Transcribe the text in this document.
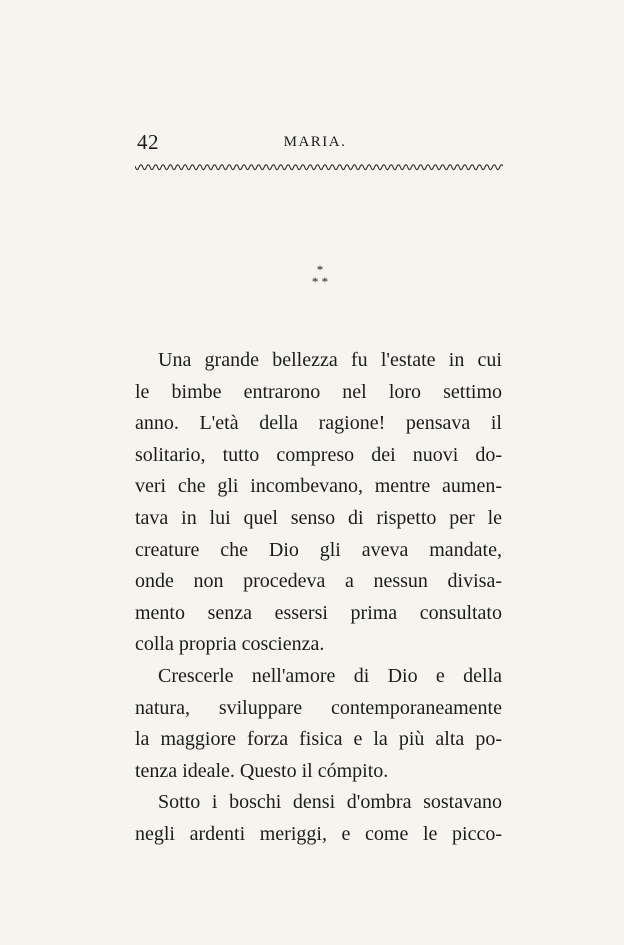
42	MARIA.
*
* *
Una grande bellezza fu l'estate in cui
le bimbe entrarono nel loro settimo
anno. L'età della ragione! pensava il
solitario, tutto compreso dei nuovi do-
veri che gli incombevano, mentre aumen-
tava in lui quel senso di rispetto per le
creature che Dio gli aveva mandate,
onde non procedeva a nessun divisa-
mento senza essersi prima consultato
colla propria coscienza.
Crescerle nell'amore di Dio e della
natura, sviluppare contemporaneamente
la maggiore forza fisica e la più alta po-
tenza ideale. Questo il cómpito.
Sotto i boschi densi d'ombra sostavano
negli ardenti meriggi, e come le picco-
